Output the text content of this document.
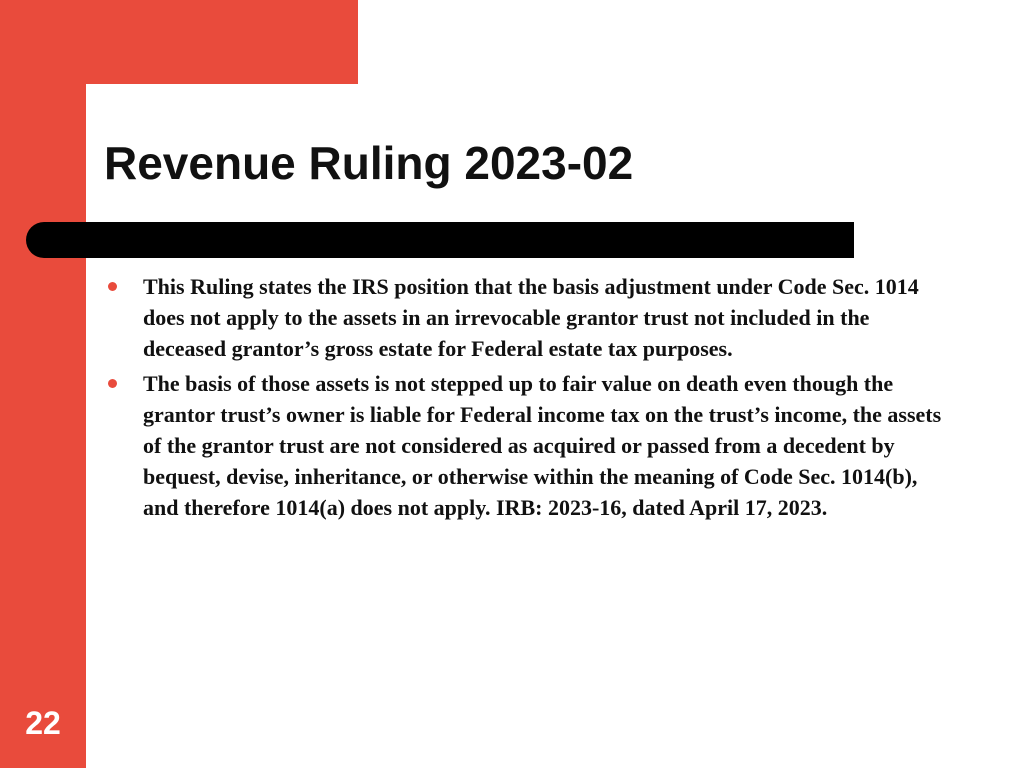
Revenue Ruling 2023-02
This Ruling states the IRS position that the basis adjustment under Code Sec. 1014 does not apply to the assets in an irrevocable grantor trust not included in the deceased grantor’s gross estate for Federal estate tax purposes.
The basis of those assets is not stepped up to fair value on death even though the grantor trust’s owner is liable for Federal income tax on the trust’s income, the assets of the grantor trust are not considered as acquired or passed from a decedent by bequest, devise, inheritance, or otherwise within the meaning of Code Sec. 1014(b), and therefore 1014(a) does not apply. IRB: 2023-16, dated April 17, 2023.
22
